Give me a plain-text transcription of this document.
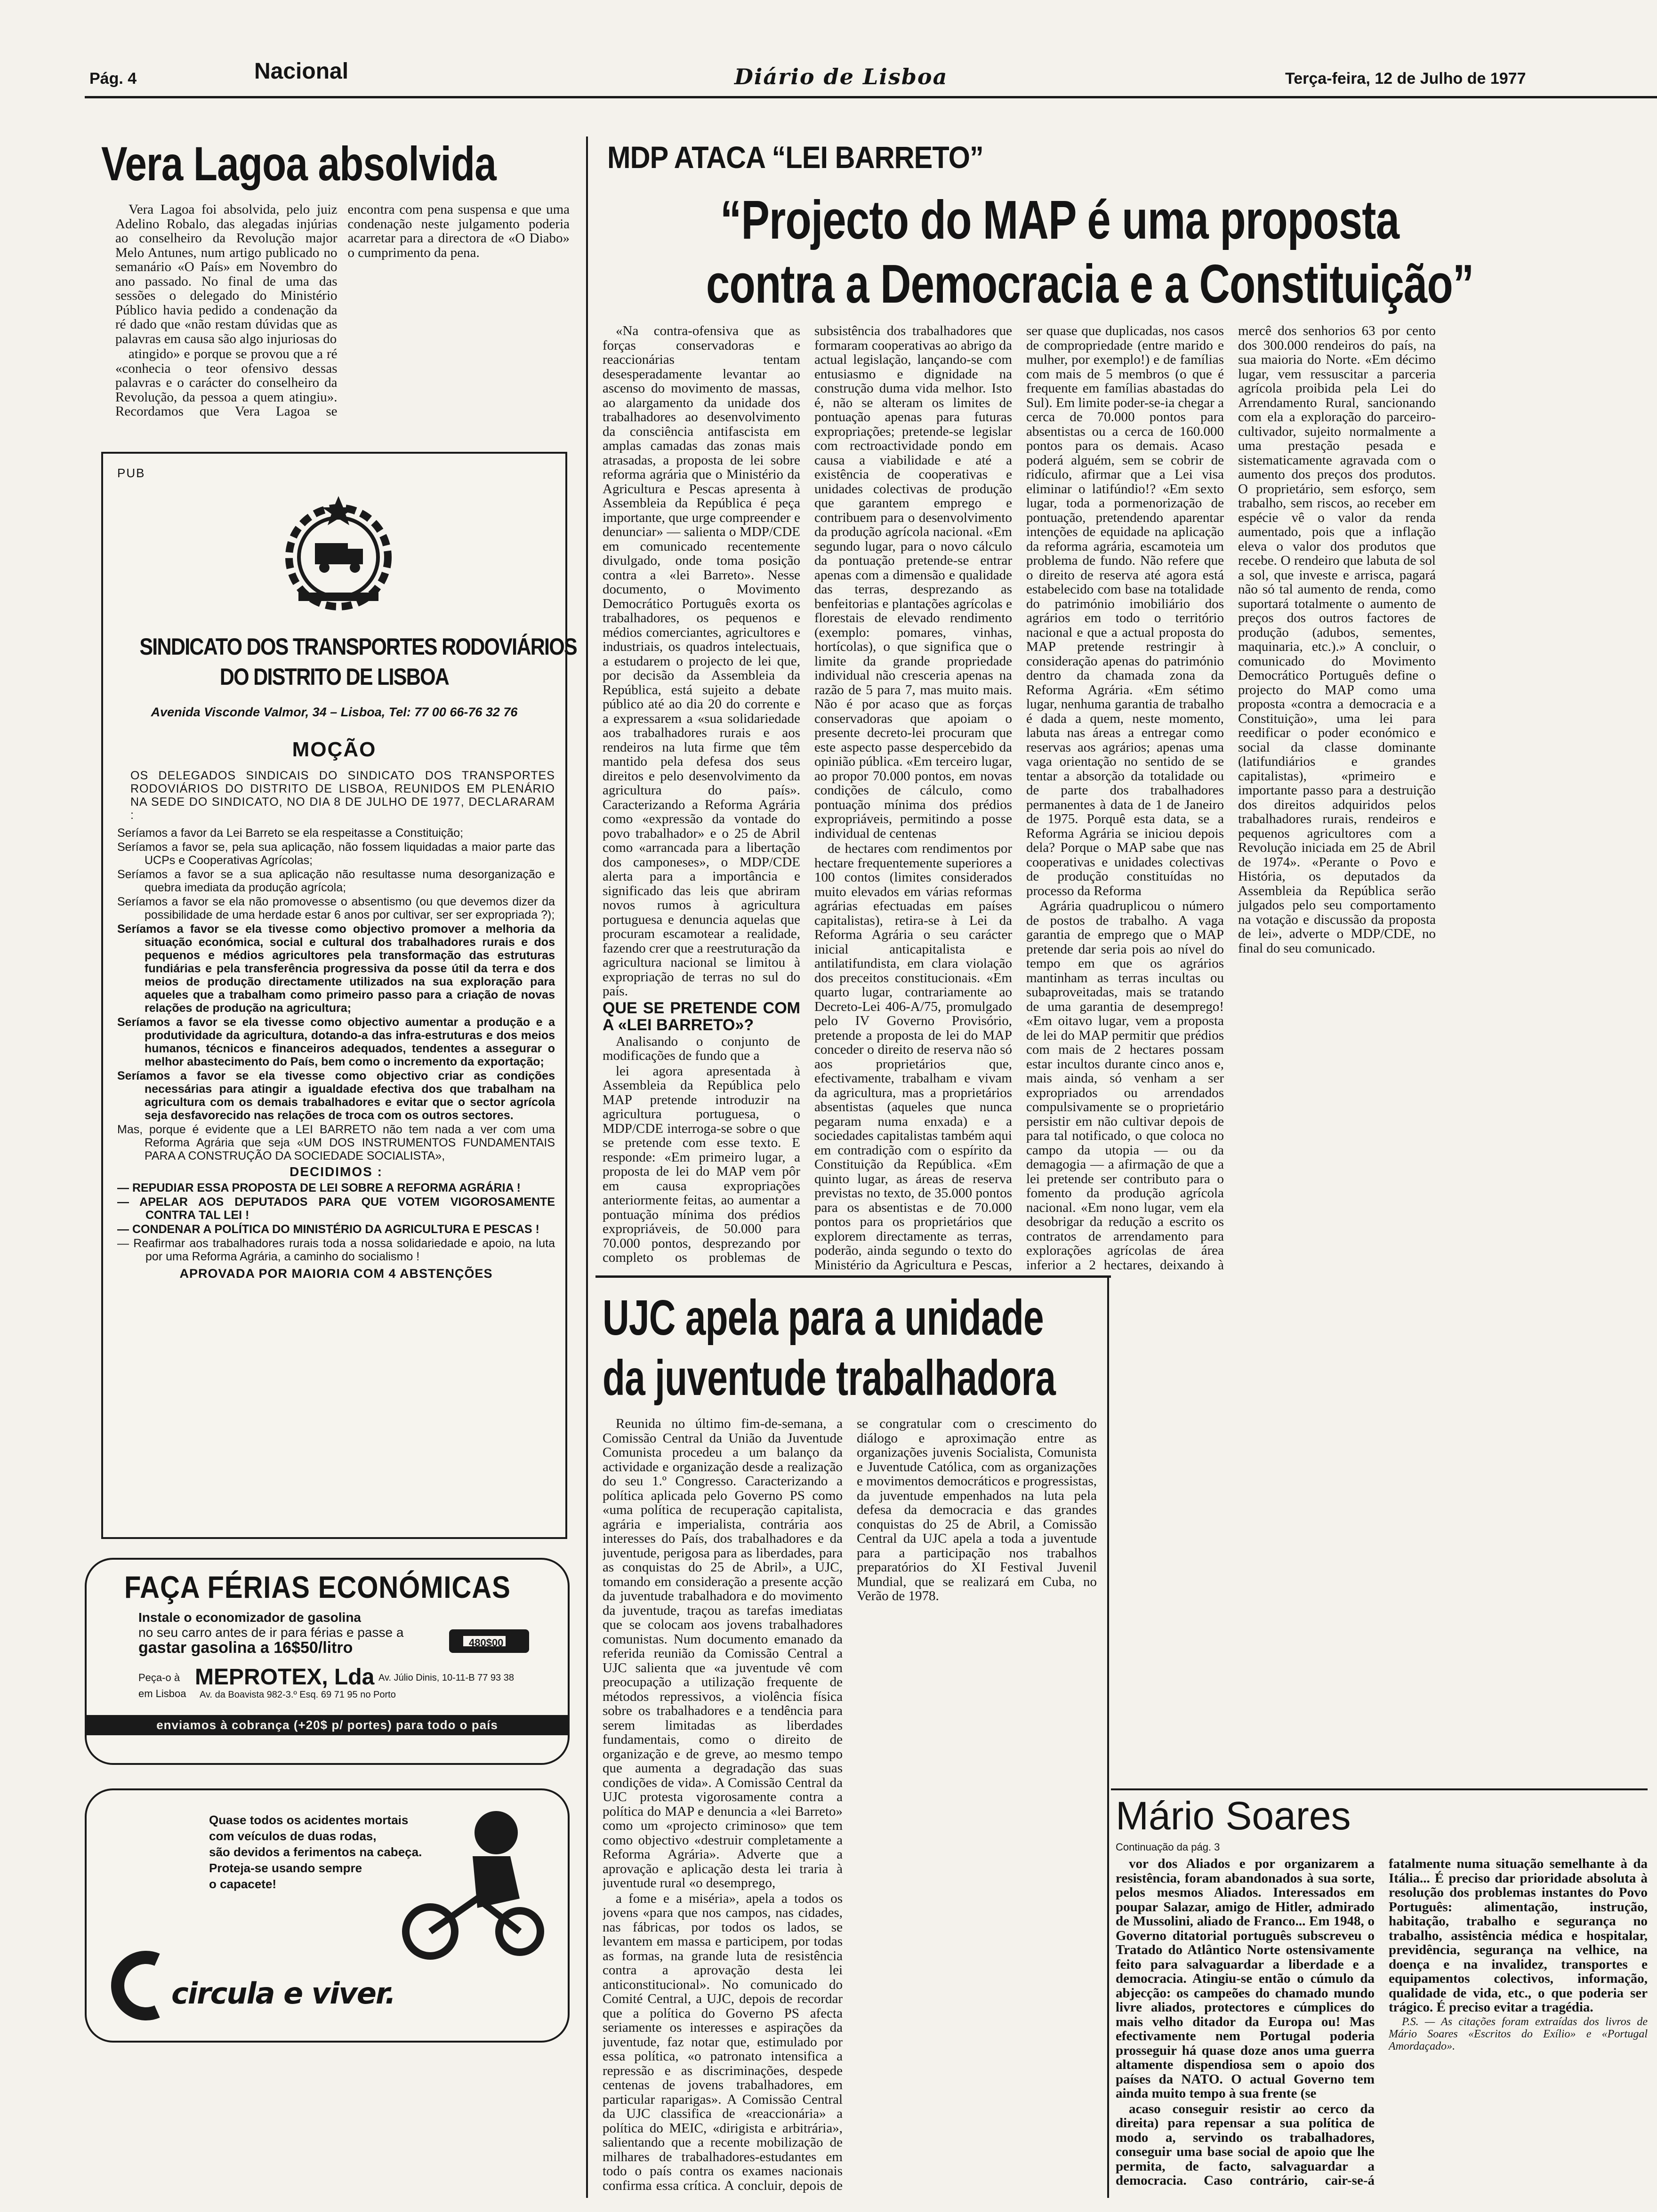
Pág. 4	Nacional	Diário de Lisboa	Terça-feira, 12 de Julho de 1977
Vera Lagoa absolvida

Vera Lagoa foi absolvida, pelo juiz Adelino Robalo, das alegadas injúrias ao conselheiro da Revolução major Melo Antunes, num artigo publicado no semanário «O País» em Novembro do ano passado. No final de uma das sessões o delegado do Ministério Público havia pedido a condenação da ré dado que «não restam dúvidas que as palavras em causa são algo injuriosas do

atingido» e porque se provou que a ré «conhecia o teor ofensivo dessas palavras e o carácter do conselheiro da Revolução, da pessoa a quem atingiu». Recordamos que Vera Lagoa se encontra com pena suspensa e que uma condenação neste julgamento poderia acarretar para a directora de «O Diabo» o cumprimento da pena.

PUB
SINDICATO DOS TRANSPORTES RODOVIÁRIOS
DO DISTRITO DE LISBOA
Avenida Visconde Valmor, 34 – Lisboa, Tel: 77 00 66-76 32 76
MOÇÃO

OS DELEGADOS SINDICAIS DO SINDICATO DOS TRANSPORTES RODOVIÁRIOS DO DISTRITO DE LISBOA, REUNIDOS EM PLENÁRIO NA SEDE DO SINDICATO, NO DIA 8 DE JULHO DE 1977, DECLARARAM :

Seríamos a favor da Lei Barreto se ela respeitasse a Constituição;

Seríamos a favor se, pela sua aplicação, não fossem liquidadas a maior parte das UCPs e Cooperativas Agrícolas;

Seríamos a favor se a sua aplicação não resultasse numa desorganização e quebra imediata da produção agrícola;

Seríamos a favor se ela não promovesse o absentismo (ou que devemos dizer da possibilidade de uma herdade estar 6 anos por cultivar, ser ser expropriada ?);

Seríamos a favor se ela tivesse como objectivo promover a melhoria da situação económica, social e cultural dos trabalhadores rurais e dos pequenos e médios agricultores pela transformação das estruturas fundiárias e pela transferência progressiva da posse útil da terra e dos meios de produção directamente utilizados na sua exploração para aqueles que a trabalham como primeiro passo para a criação de novas relações de produção na agricultura;

Seríamos a favor se ela tivesse como objectivo aumentar a produção e a produtividade da agricultura, dotando-a das infra-estruturas e dos meios humanos, técnicos e financeiros adequados, tendentes a assegurar o melhor abastecimento do País, bem como o incremento da exportação;

Seríamos a favor se ela tivesse como objectivo criar as condições necessárias para atingir a igualdade efectiva dos que trabalham na agricultura com os demais trabalhadores e evitar que o sector agrícola seja desfavorecido nas relações de troca com os outros sectores.

Mas, porque é evidente que a LEI BARRETO não tem nada a ver com uma Reforma Agrária que seja «UM DOS INSTRUMENTOS FUNDAMENTAIS PARA A CONSTRUÇÃO DA SOCIEDADE SOCIALISTA»,

DECIDIMOS :

— REPUDIAR ESSA PROPOSTA DE LEI SOBRE A REFORMA AGRÁRIA !

— APELAR AOS DEPUTADOS PARA QUE VOTEM VIGOROSAMENTE CONTRA TAL LEI !

— CONDENAR A POLÍTICA DO MINISTÉRIO DA AGRICULTURA E PESCAS !

— Reafirmar aos trabalhadores rurais toda a nossa solidariedade e apoio, na luta por uma Reforma Agrária, a caminho do socialismo !

APROVADA POR MAIORIA COM 4 ABSTENÇÕES
FAÇA FÉRIAS ECONÓMICAS
Instale o economizador de gasolina
no seu carro antes de ir para férias e passe a
gastar gasolina a 16$50/litro	480$00
Peça-o à MEPROTEX, Lda
em Lisboa
Av. Júlio Dinis, 10-11-B 77 93 38
Av. da Boavista 982-3.º Esq. 69 71 95 no Porto
enviamos à cobrança (+20$ p/ portes) para todo o país
Quase todos os acidentes mortais
com veículos de duas rodas,
são devidos a ferimentos na cabeça.
Proteja-se usando sempre
o capacete!
circula e viver.
MDP ATACA “LEI BARRETO”
“Projecto do MAP é uma proposta
contra a Democracia e a Constituição”

«Na contra-ofensiva que as forças conservadoras e reaccionárias tentam desesperadamente levantar ao ascenso do movimento de massas, ao alargamento da unidade dos trabalhadores ao desenvolvimento da consciência antifascista em amplas camadas das zonas mais atrasadas, a proposta de lei sobre reforma agrária que o Ministério da Agricultura e Pescas apresenta à Assembleia da República é peça importante, que urge compreender e denunciar» — salienta o MDP/CDE em comunicado recentemente divulgado, onde toma posição contra a «lei Barreto». Nesse documento, o Movimento Democrático Português exorta os trabalhadores, os pequenos e médios comerciantes, agricultores e industriais, os quadros intelectuais, a estudarem o projecto de lei que, por decisão da Assembleia da República, está sujeito a debate público até ao dia 20 do corrente e a expressarem a «sua solidariedade aos trabalhadores rurais e aos rendeiros na luta firme que têm mantido pela defesa dos seus direitos e pelo desenvolvimento da agricultura do país». Caracterizando a Reforma Agrária como «expressão da vontade do povo trabalhador» e o 25 de Abril como «arrancada para a libertação dos camponeses», o MDP/CDE alerta para a importância e significado das leis que abriram novos rumos à agricultura portuguesa e denuncia aquelas que procuram escamotear a realidade, fazendo crer que a reestruturação da agricultura nacional se limitou à expropriação de terras no sul do país.

QUE SE PRETENDE COM A «LEI BARRETO»?

Analisando o conjunto de modificações de fundo que a

lei agora apresentada à Assembleia da República pelo MAP pretende introduzir na agricultura portuguesa, o MDP/CDE interroga-se sobre o que se pretende com esse texto. E responde: «Em primeiro lugar, a proposta de lei do MAP vem pôr em causa expropriações anteriormente feitas, ao aumentar a pontuação mínima dos prédios expropriáveis, de 50.000 para 70.000 pontos, desprezando por completo os problemas de subsistência dos trabalhadores que formaram cooperativas ao abrigo da actual legislação, lançando-se com entusiasmo e dignidade na construção duma vida melhor. Isto é, não se alteram os limites de pontuação apenas para futuras expropriações; pretende-se legislar com rectroactividade pondo em causa a viabilidade e até a existência de cooperativas e unidades colectivas de produção que garantem emprego e contribuem para o desenvolvimento da produção agrícola nacional. «Em segundo lugar, para o novo cálculo da pontuação pretende-se entrar apenas com a dimensão e qualidade das terras, desprezando as benfeitorias e plantações agrícolas e florestais de elevado rendimento (exemplo: pomares, vinhas, hortícolas), o que significa que o limite da grande propriedade individual não cresceria apenas na razão de 5 para 7, mas muito mais. Não é por acaso que as forças conservadoras que apoiam o presente decreto-lei procuram que este aspecto passe despercebido da opinião pública. «Em terceiro lugar, ao propor 70.000 pontos, em novas condições de cálculo, como pontuação mínima dos prédios expropriáveis, permitindo a posse individual de centenas

de hectares com rendimentos por hectare frequentemente superiores a 100 contos (limites considerados muito elevados em várias reformas agrárias efectuadas em países capitalistas), retira-se à Lei da Reforma Agrária o seu carácter inicial anticapitalista e antilatifundista, em clara violação dos preceitos constitucionais. «Em quarto lugar, contrariamente ao Decreto-Lei 406-A/75, promulgado pelo IV Governo Provisório, pretende a proposta de lei do MAP conceder o direito de reserva não só aos proprietários que, efectivamente, trabalham e vivam da agricultura, mas a proprietários absentistas (aqueles que nunca pegaram numa enxada) e a sociedades capitalistas também aqui em contradição com o espírito da Constituição da República. «Em quinto lugar, as áreas de reserva previstas no texto, de 35.000 pontos para os absentistas e de 70.000 pontos para os proprietários que explorem directamente as terras, poderão, ainda segundo o texto do Ministério da Agricultura e Pescas, ser quase que duplicadas, nos casos de compropriedade (entre marido e mulher, por exemplo!) e de famílias com mais de 5 membros (o que é frequente em famílias abastadas do Sul). Em limite poder-se-ia chegar a cerca de 70.000 pontos para absentistas ou a cerca de 160.000 pontos para os demais. Acaso poderá alguém, sem se cobrir de ridículo, afirmar que a Lei visa eliminar o latifúndio!? «Em sexto lugar, toda a pormenorização de pontuação, pretendendo aparentar intenções de equidade na aplicação da reforma agrária, escamoteia um problema de fundo. Não refere que o direito de reserva até agora está estabelecido com base na totalidade do património imobiliário dos agrários em todo o território nacional e que a actual proposta do MAP pretende restringir à consideração apenas do património dentro da chamada zona da Reforma Agrária. «Em sétimo lugar, nenhuma garantia de trabalho é dada a quem, neste momento, labuta nas áreas a entregar como reservas aos agrários; apenas uma vaga orientação no sentido de se tentar a absorção da totalidade ou de parte dos trabalhadores permanentes à data de 1 de Janeiro de 1975. Porquê esta data, se a Reforma Agrária se iniciou depois dela? Porque o MAP sabe que nas cooperativas e unidades colectivas de produção constituídas no processo da Reforma

Agrária quadruplicou o número de postos de trabalho. A vaga garantia de emprego que o MAP pretende dar seria pois ao nível do tempo em que os agrários mantinham as terras incultas ou subaproveitadas, mais se tratando de uma garantia de desemprego! «Em oitavo lugar, vem a proposta de lei do MAP permitir que prédios com mais de 2 hectares possam estar incultos durante cinco anos e, mais ainda, só venham a ser expropriados ou arrendados compulsivamente se o proprietário persistir em não cultivar depois de para tal notificado, o que coloca no campo da utopia — ou da demagogia — a afirmação de que a lei pretende ser contributo para o fomento da produção agrícola nacional. «Em nono lugar, vem ela desobrigar da redução a escrito os contratos de arrendamento para explorações agrícolas de área inferior a 2 hectares, deixando à mercê dos senhorios 63 por cento dos 300.000 rendeiros do país, na sua maioria do Norte. «Em décimo lugar, vem ressuscitar a parceria agrícola proibida pela Lei do Arrendamento Rural, sancionando com ela a exploração do parceiro-cultivador, sujeito normalmente a uma prestação pesada e sistematicamente agravada com o aumento dos preços dos produtos. O proprietário, sem esforço, sem trabalho, sem riscos, ao receber em espécie vê o valor da renda aumentado, pois que a inflação eleva o valor dos produtos que recebe. O rendeiro que labuta de sol a sol, que investe e arrisca, pagará não só tal aumento de renda, como suportará totalmente o aumento de preços dos outros factores de produção (adubos, sementes, maquinaria, etc.).» A concluir, o comunicado do Movimento Democrático Português define o projecto do MAP como uma proposta «contra a democracia e a Constituição», uma lei para reedificar o poder económico e social da classe dominante (latifundiários e grandes capitalistas), «primeiro e importante passo para a destruição dos direitos adquiridos pelos trabalhadores rurais, rendeiros e pequenos agricultores com a Revolução iniciada em 25 de Abril de 1974». «Perante o Povo e História, os deputados da Assembleia da República serão julgados pelo seu comportamento na votação e discussão da proposta de lei», adverte o MDP/CDE, no final do seu comunicado.

UJC apela para a unidade
da juventude trabalhadora

Reunida no último fim-de-semana, a Comissão Central da União da Juventude Comunista procedeu a um balanço da actividade e organização desde a realização do seu 1.º Congresso. Caracterizando a política aplicada pelo Governo PS como «uma política de recuperação capitalista, agrária e imperialista, contrária aos interesses do País, dos trabalhadores e da juventude, perigosa para as liberdades, para as conquistas do 25 de Abril», a UJC, tomando em consideração a presente acção da juventude trabalhadora e do movimento da juventude, traçou as tarefas imediatas que se colocam aos jovens trabalhadores comunistas. Num documento emanado da referida reunião da Comissão Central a UJC salienta que «a juventude vê com preocupação a utilização frequente de métodos repressivos, a violência física sobre os trabalhadores e a tendência para serem limitadas as liberdades fundamentais, como o direito de organização e de greve, ao mesmo tempo que aumenta a degradação das suas condições de vida». A Comissão Central da UJC protesta vigorosamente contra a política do MAP e denuncia a «lei Barreto» como um «projecto criminoso» que tem como objectivo «destruir completamente a Reforma Agrária». Adverte que a aprovação e aplicação desta lei traria à juventude rural «o desemprego,

a fome e a miséria», apela a todos os jovens «para que nos campos, nas cidades, nas fábricas, por todos os lados, se levantem em massa e participem, por todas as formas, na grande luta de resistência contra a aprovação desta lei anticonstitucional». No comunicado do Comité Central, a UJC, depois de recordar que a política do Governo PS afecta seriamente os interesses e aspirações da juventude, faz notar que, estimulado por essa política, «o patronato intensifica a repressão e as discriminações, despede centenas de jovens trabalhadores, em particular raparigas». A Comissão Central da UJC classifica de «reaccionária» a política do MEIC, «dirigista e arbitrária», salientando que a recente mobilização de milhares de trabalhadores-estudantes em todo o país contra os exames nacionais confirma essa crítica. A concluir, depois de se congratular com o crescimento do diálogo e aproximação entre as organizações juvenis Socialista, Comunista e Juventude Católica, com as organizações e movimentos democráticos e progressistas, da juventude empenhados na luta pela defesa da democracia e das grandes conquistas do 25 de Abril, a Comissão Central da UJC apela a toda a juventude para a participação nos trabalhos preparatórios do XI Festival Juvenil Mundial, que se realizará em Cuba, no Verão de 1978.

Mário Soares
Continuação da pág. 3

vor dos Aliados e por organizarem a resistência, foram abandonados à sua sorte, pelos mesmos Aliados. Interessados em poupar Salazar, amigo de Hitler, admirado de Mussolini, aliado de Franco... Em 1948, o Governo ditatorial português subscreveu o Tratado do Atlântico Norte ostensivamente feito para salvaguardar a liberdade e a democracia. Atingiu-se então o cúmulo da abjecção: os campeões do chamado mundo livre aliados, protectores e cúmplices do mais velho ditador da Europa ou! Mas efectivamente nem Portugal poderia prosseguir há quase doze anos uma guerra altamente dispendiosa sem o apoio dos países da NATO. O actual Governo tem ainda muito tempo à sua frente (se

acaso conseguir resistir ao cerco da direita) para repensar a sua política de modo a, servindo os trabalhadores, conseguir uma base social de apoio que lhe permita, de facto, salvaguardar a democracia. Caso contrário, cair-se-á fatalmente numa situação semelhante à da Itália... É preciso dar prioridade absoluta à resolução dos problemas instantes do Povo Português: alimentação, instrução, habitação, trabalho e segurança no trabalho, assistência médica e hospitalar, previdência, segurança na velhice, na doença e na invalidez, transportes e equipamentos colectivos, informação, qualidade de vida, etc., o que poderia ser trágico. É preciso evitar a tragédia.

P.S. — As citações foram extraídas dos livros de Mário Soares «Escritos do Exílio» e «Portugal Amordaçado».
